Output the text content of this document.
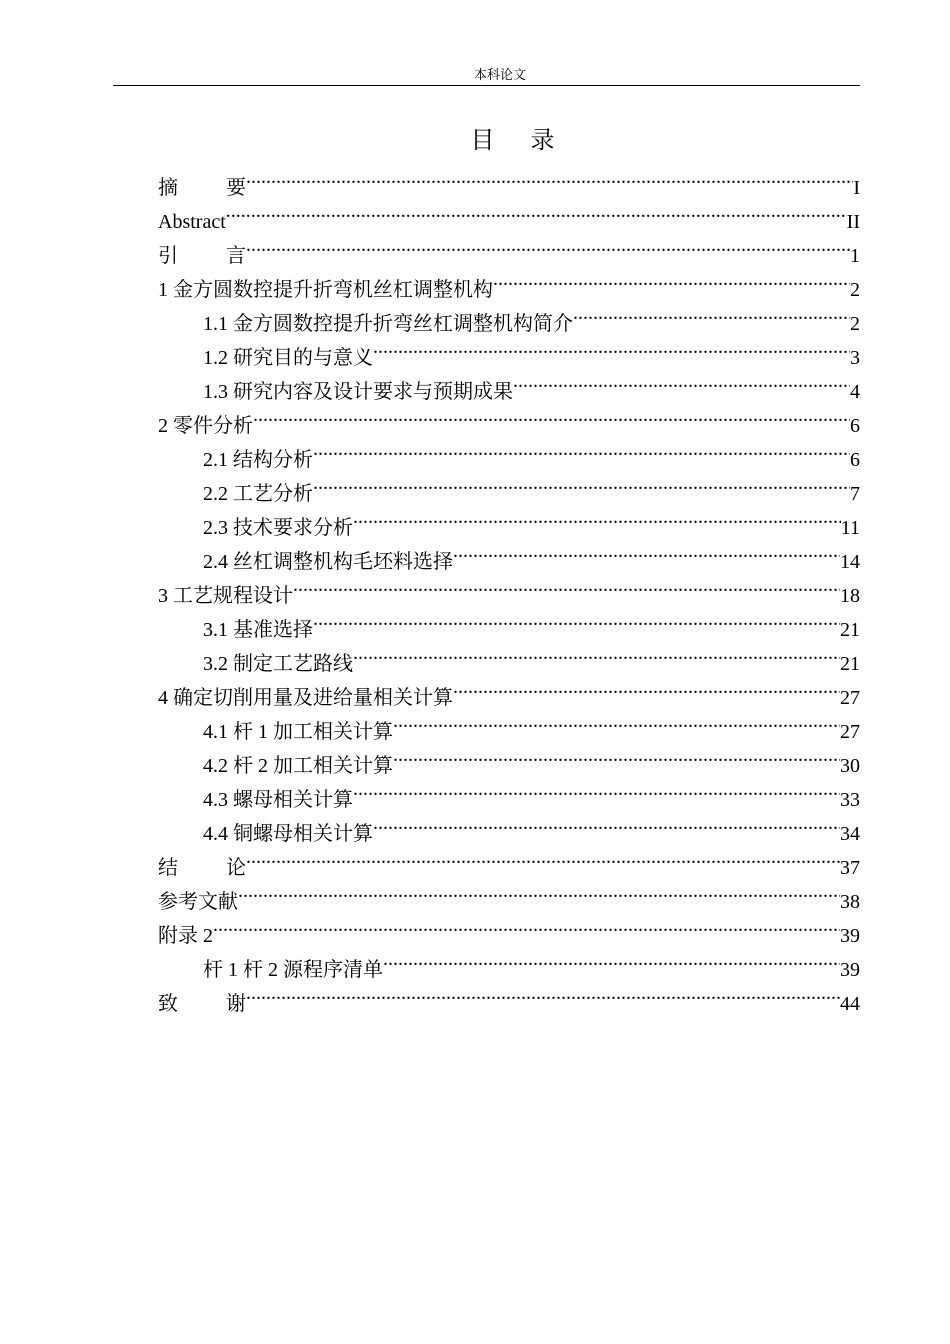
本科论文
目 录
摘要 .....	I
Abstract .....	II
引言 .....	1
1 金方圆数控提升折弯机丝杠调整机构 .....	2
1.1 金方圆数控提升折弯丝杠调整机构简介 .....	2
1.2 研究目的与意义 .....	3
1.3 研究内容及设计要求与预期成果 .....	4
2 零件分析 .....	6
2.1 结构分析 .....	6
2.2 工艺分析 .....	7
2.3 技术要求分析 .....	11
2.4 丝杠调整机构毛坯料选择 .....	14
3 工艺规程设计 .....	18
3.1 基准选择 .....	21
3.2 制定工艺路线 .....	21
4 确定切削用量及进给量相关计算 .....	27
4.1 杆 1 加工相关计算 .....	27
4.2 杆 2 加工相关计算 .....	30
4.3 螺母相关计算 .....	33
4.4 铜螺母相关计算 .....	34
结论 .....	37
参考文献 .....	38
附录 2 .....	39
杆 1 杆 2 源程序清单 .....	39
致谢 .....	44
